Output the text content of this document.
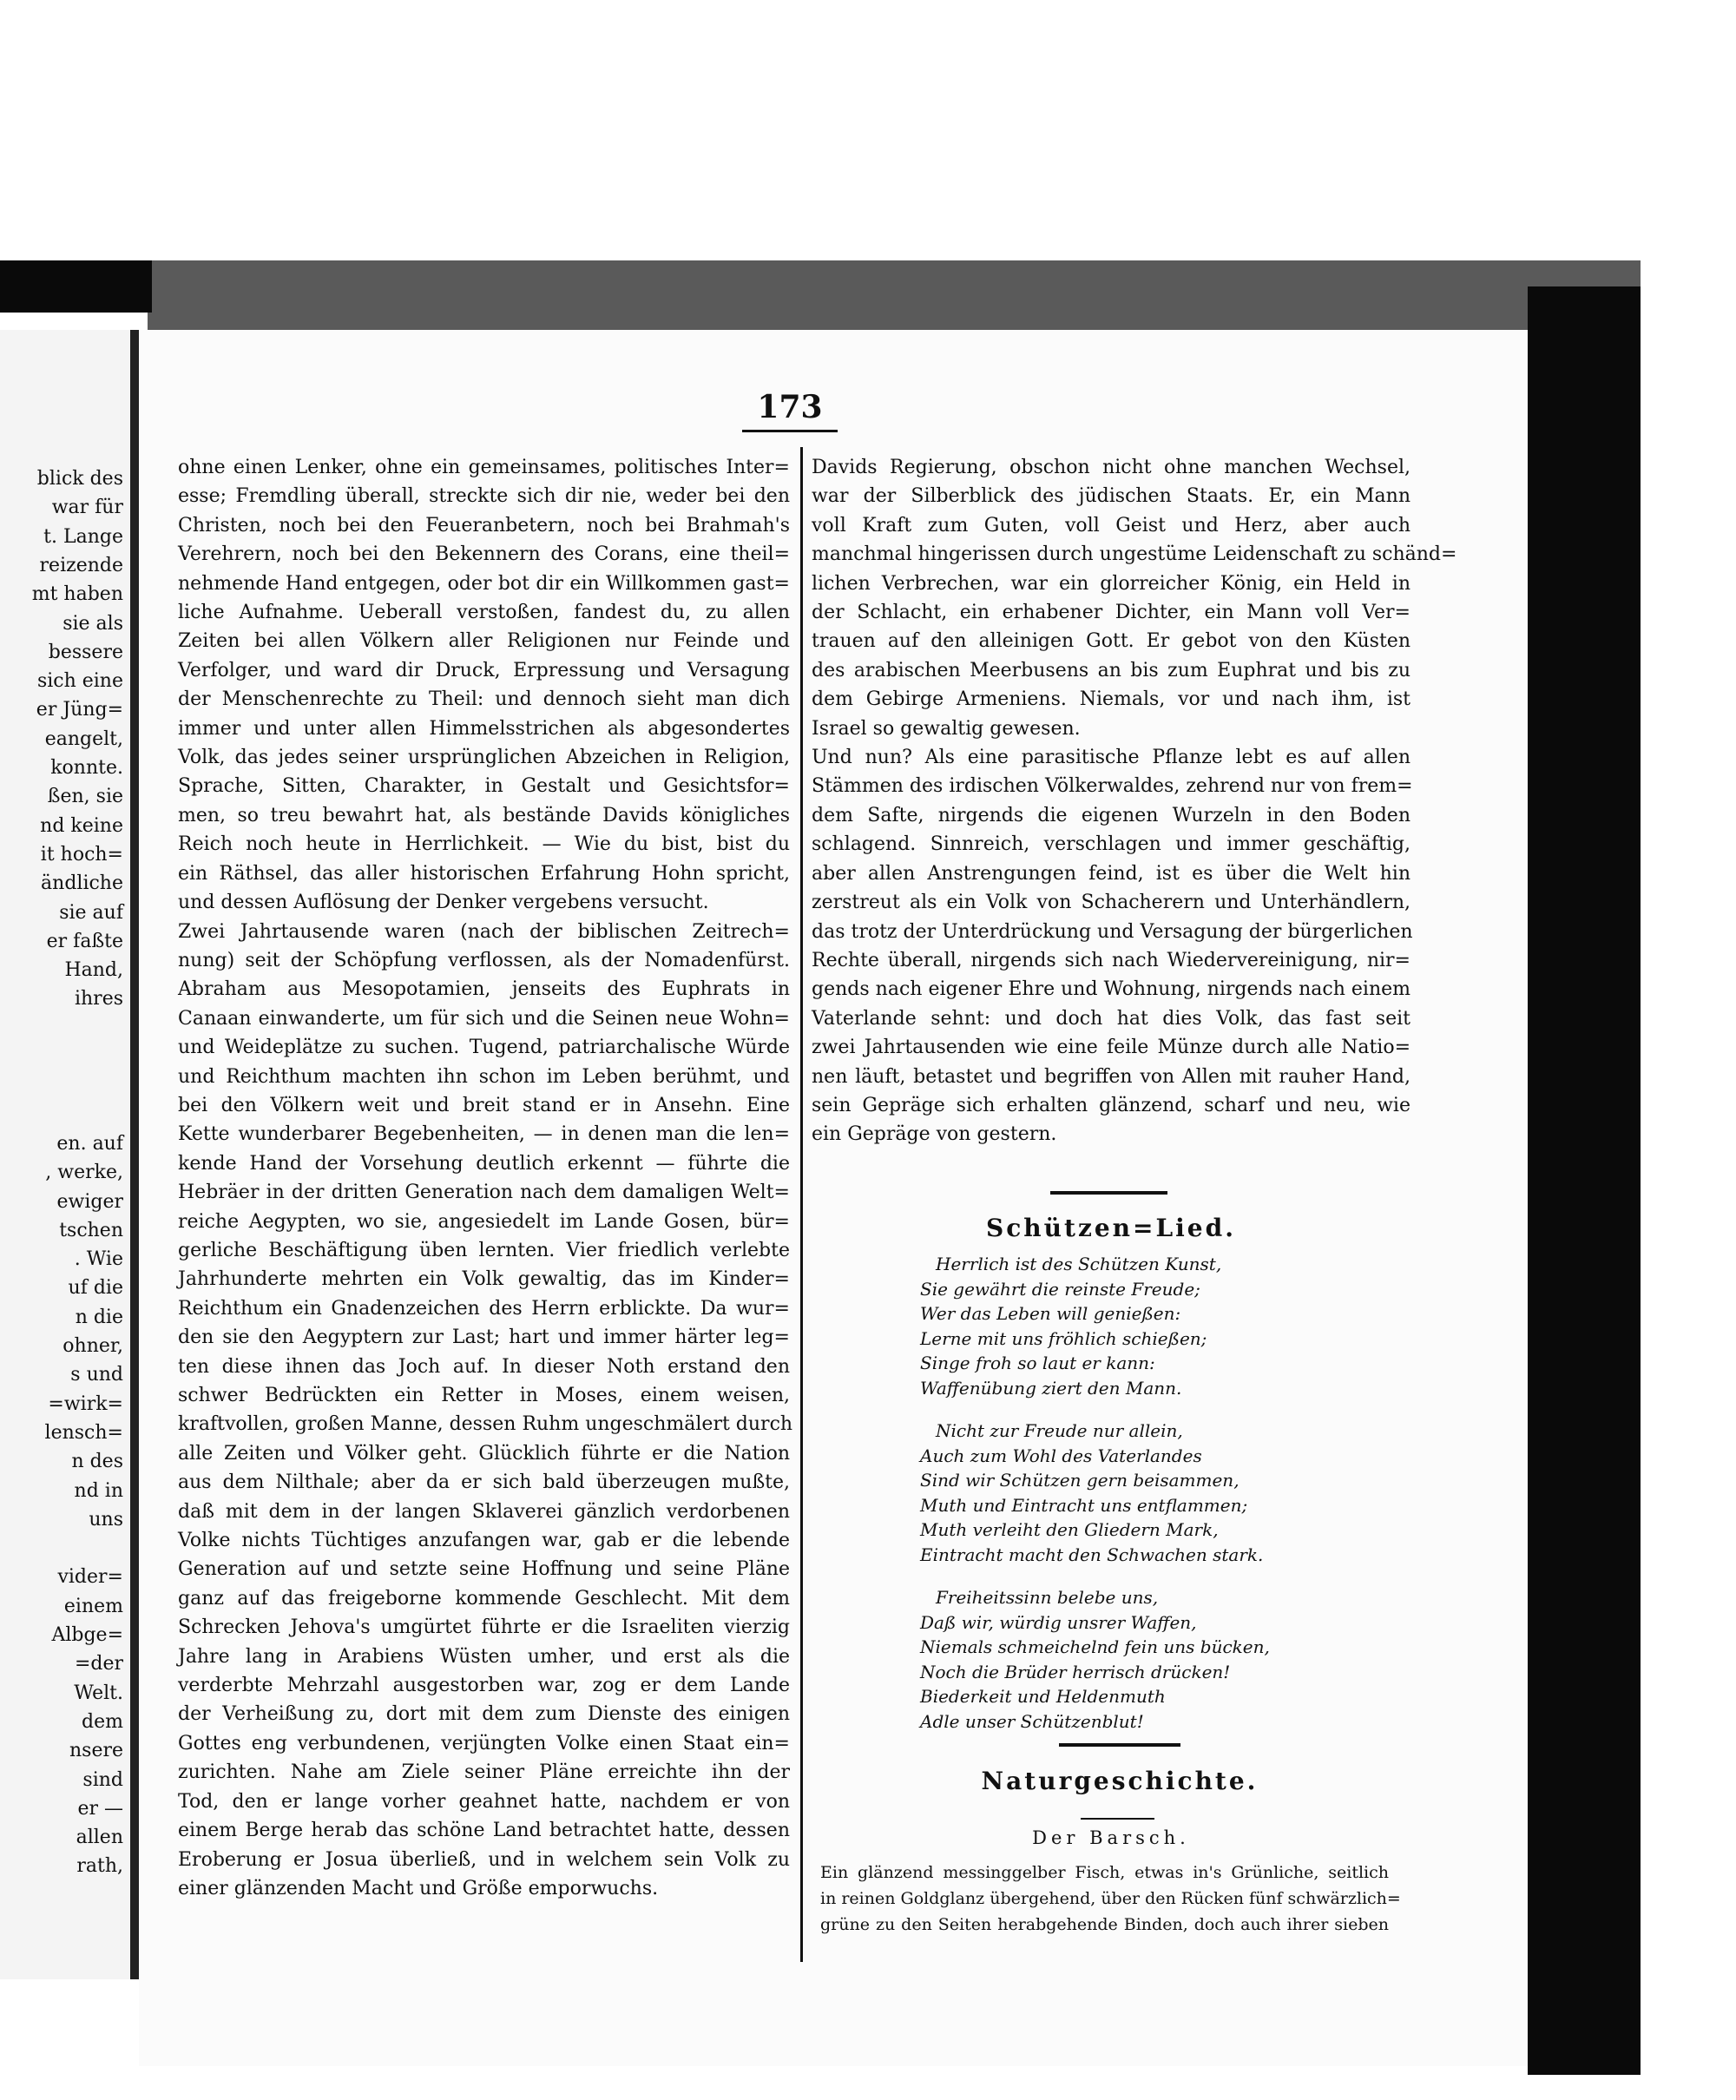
blick des
war für
t. Lange
reizende
mt haben
sie als
bessere
sich eine
er Jüng=
eangelt,
konnte.
ßen, sie
nd keine
it hoch=
ändliche
sie auf
er faßte
Hand,
ihres
en. auf
, werke,
ewiger
tschen
. Wie
uf die
n die
ohner,
s und
=wirk=
lensch=
n des
nd in
uns
vider=
einem
Albge=
=der
Welt.
dem
nsere
sind
er —
allen
rath,
173
ohne einen Lenker, ohne ein gemeinsames, politisches Inter=
esse; Fremdling überall, streckte sich dir nie, weder bei den
Christen, noch bei den Feueranbetern, noch bei Brahmah's
Verehrern, noch bei den Bekennern des Corans, eine theil=
nehmende Hand entgegen, oder bot dir ein Willkommen gast=
liche Aufnahme. Ueberall verstoßen, fandest du, zu allen
Zeiten bei allen Völkern aller Religionen nur Feinde und
Verfolger, und ward dir Druck, Erpressung und Versagung
der Menschenrechte zu Theil: und dennoch sieht man dich
immer und unter allen Himmelsstrichen als abgesondertes
Volk, das jedes seiner ursprünglichen Abzeichen in Religion,
Sprache, Sitten, Charakter, in Gestalt und Gesichtsfor=
men, so treu bewahrt hat, als bestände Davids königliches
Reich noch heute in Herrlichkeit. — Wie du bist, bist du
ein Räthsel, das aller historischen Erfahrung Hohn spricht,
und dessen Auflösung der Denker vergebens versucht.
Zwei Jahrtausende waren (nach der biblischen Zeitrech=
nung) seit der Schöpfung verflossen, als der Nomadenfürst.
Abraham aus Mesopotamien, jenseits des Euphrats in
Canaan einwanderte, um für sich und die Seinen neue Wohn=
und Weideplätze zu suchen. Tugend, patriarchalische Würde
und Reichthum machten ihn schon im Leben berühmt, und
bei den Völkern weit und breit stand er in Ansehn. Eine
Kette wunderbarer Begebenheiten, — in denen man die len=
kende Hand der Vorsehung deutlich erkennt — führte die
Hebräer in der dritten Generation nach dem damaligen Welt=
reiche Aegypten, wo sie, angesiedelt im Lande Gosen, bür=
gerliche Beschäftigung üben lernten. Vier friedlich verlebte
Jahrhunderte mehrten ein Volk gewaltig, das im Kinder=
Reichthum ein Gnadenzeichen des Herrn erblickte. Da wur=
den sie den Aegyptern zur Last; hart und immer härter leg=
ten diese ihnen das Joch auf. In dieser Noth erstand den
schwer Bedrückten ein Retter in Moses, einem weisen,
kraftvollen, großen Manne, dessen Ruhm ungeschmälert durch
alle Zeiten und Völker geht. Glücklich führte er die Nation
aus dem Nilthale; aber da er sich bald überzeugen mußte,
daß mit dem in der langen Sklaverei gänzlich verdorbenen
Volke nichts Tüchtiges anzufangen war, gab er die lebende
Generation auf und setzte seine Hoffnung und seine Pläne
ganz auf das freigeborne kommende Geschlecht. Mit dem
Schrecken Jehova's umgürtet führte er die Israeliten vierzig
Jahre lang in Arabiens Wüsten umher, und erst als die
verderbte Mehrzahl ausgestorben war, zog er dem Lande
der Verheißung zu, dort mit dem zum Dienste des einigen
Gottes eng verbundenen, verjüngten Volke einen Staat ein=
zurichten. Nahe am Ziele seiner Pläne erreichte ihn der
Tod, den er lange vorher geahnet hatte, nachdem er von
einem Berge herab das schöne Land betrachtet hatte, dessen
Eroberung er Josua überließ, und in welchem sein Volk zu
einer glänzenden Macht und Größe emporwuchs.
Davids Regierung, obschon nicht ohne manchen Wechsel,
war der Silberblick des jüdischen Staats. Er, ein Mann
voll Kraft zum Guten, voll Geist und Herz, aber auch
manchmal hingerissen durch ungestüme Leidenschaft zu schänd=
lichen Verbrechen, war ein glorreicher König, ein Held in
der Schlacht, ein erhabener Dichter, ein Mann voll Ver=
trauen auf den alleinigen Gott. Er gebot von den Küsten
des arabischen Meerbusens an bis zum Euphrat und bis zu
dem Gebirge Armeniens. Niemals, vor und nach ihm, ist
Israel so gewaltig gewesen.
Und nun? Als eine parasitische Pflanze lebt es auf allen
Stämmen des irdischen Völkerwaldes, zehrend nur von frem=
dem Safte, nirgends die eigenen Wurzeln in den Boden
schlagend. Sinnreich, verschlagen und immer geschäftig,
aber allen Anstrengungen feind, ist es über die Welt hin
zerstreut als ein Volk von Schacherern und Unterhändlern,
das trotz der Unterdrückung und Versagung der bürgerlichen
Rechte überall, nirgends sich nach Wiedervereinigung, nir=
gends nach eigener Ehre und Wohnung, nirgends nach einem
Vaterlande sehnt: und doch hat dies Volk, das fast seit
zwei Jahrtausenden wie eine feile Münze durch alle Natio=
nen läuft, betastet und begriffen von Allen mit rauher Hand,
sein Gepräge sich erhalten glänzend, scharf und neu, wie
ein Gepräge von gestern.
Schützen=Lied.
Herrlich ist des Schützen Kunst,
Sie gewährt die reinste Freude;
Wer das Leben will genießen:
Lerne mit uns fröhlich schießen;
Singe froh so laut er kann:
Waffenübung ziert den Mann.
Nicht zur Freude nur allein,
Auch zum Wohl des Vaterlandes
Sind wir Schützen gern beisammen,
Muth und Eintracht uns entflammen;
Muth verleiht den Gliedern Mark,
Eintracht macht den Schwachen stark.
Freiheitssinn belebe uns,
Daß wir, würdig unsrer Waffen,
Niemals schmeichelnd fein uns bücken,
Noch die Brüder herrisch drücken!
Biederkeit und Heldenmuth
Adle unser Schützenblut!
Naturgeschichte.
Der Barsch.
Ein glänzend messinggelber Fisch, etwas in's Grünliche, seitlich
in reinen Goldglanz übergehend, über den Rücken fünf schwärzlich=
grüne zu den Seiten herabgehende Binden, doch auch ihrer sieben
